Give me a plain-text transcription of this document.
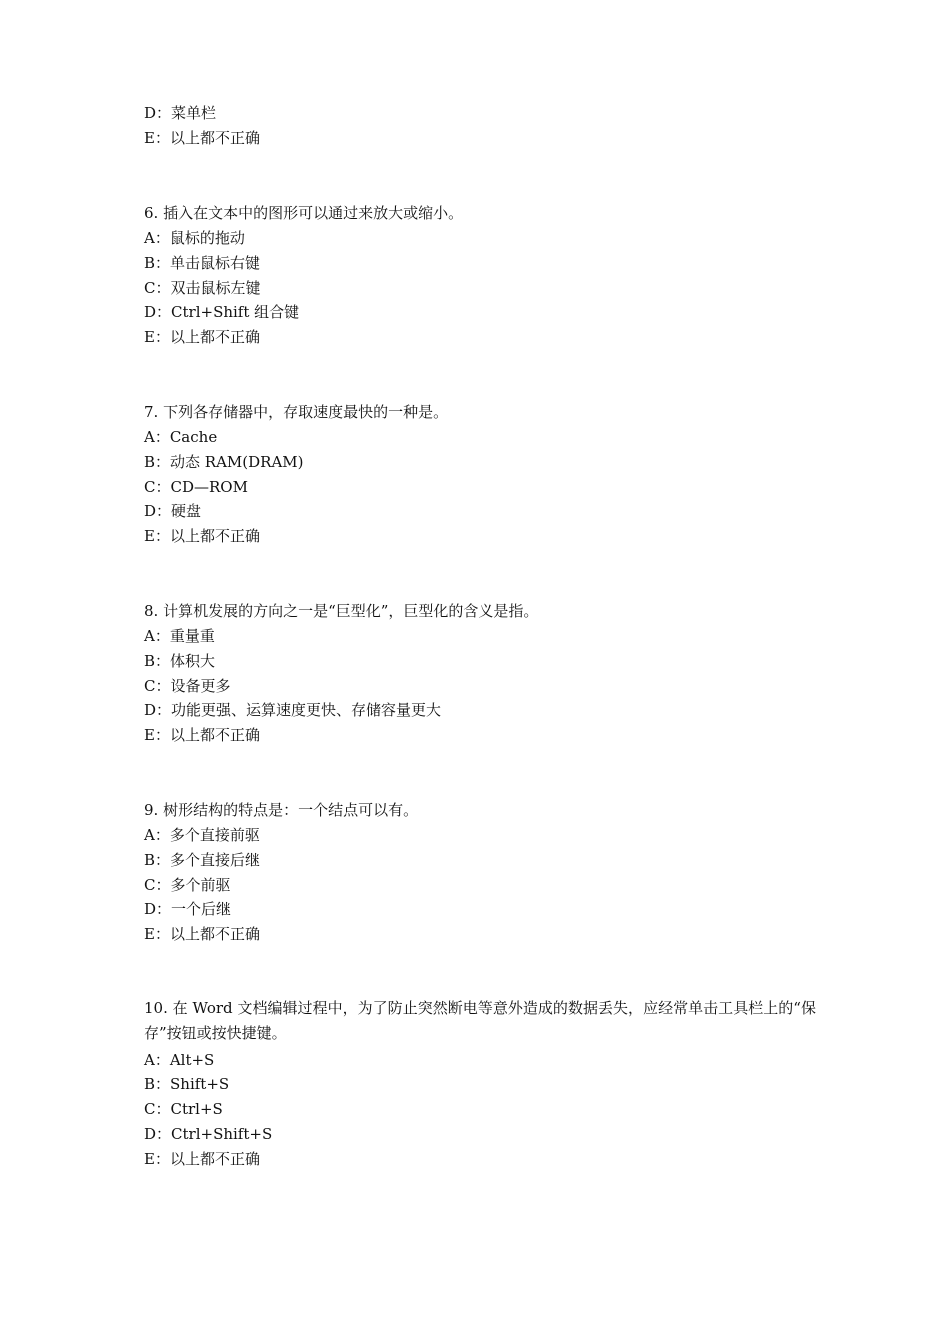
D：菜单栏
E：以上都不正确
6. 插入在文本中的图形可以通过来放大或缩小。
A：鼠标的拖动
B：单击鼠标右键
C：双击鼠标左键
D：Ctrl+Shift 组合键
E：以上都不正确
7. 下列各存储器中，存取速度最快的一种是。
A：Cache
B：动态 RAM(DRAM)
C：CD—ROM
D：硬盘
E：以上都不正确
8. 计算机发展的方向之一是“巨型化”，巨型化的含义是指。
A：重量重
B：体积大
C：设备更多
D：功能更强、运算速度更快、存储容量更大
E：以上都不正确
9. 树形结构的特点是：一个结点可以有。
A：多个直接前驱
B：多个直接后继
C：多个前驱
D：一个后继
E：以上都不正确
10. 在 Word 文档编辑过程中，为了防止突然断电等意外造成的数据丢失，应经常单击工具栏上的“保存”按钮或按快捷键。
A：Alt+S
B：Shift+S
C：Ctrl+S
D：Ctrl+Shift+S
E：以上都不正确
